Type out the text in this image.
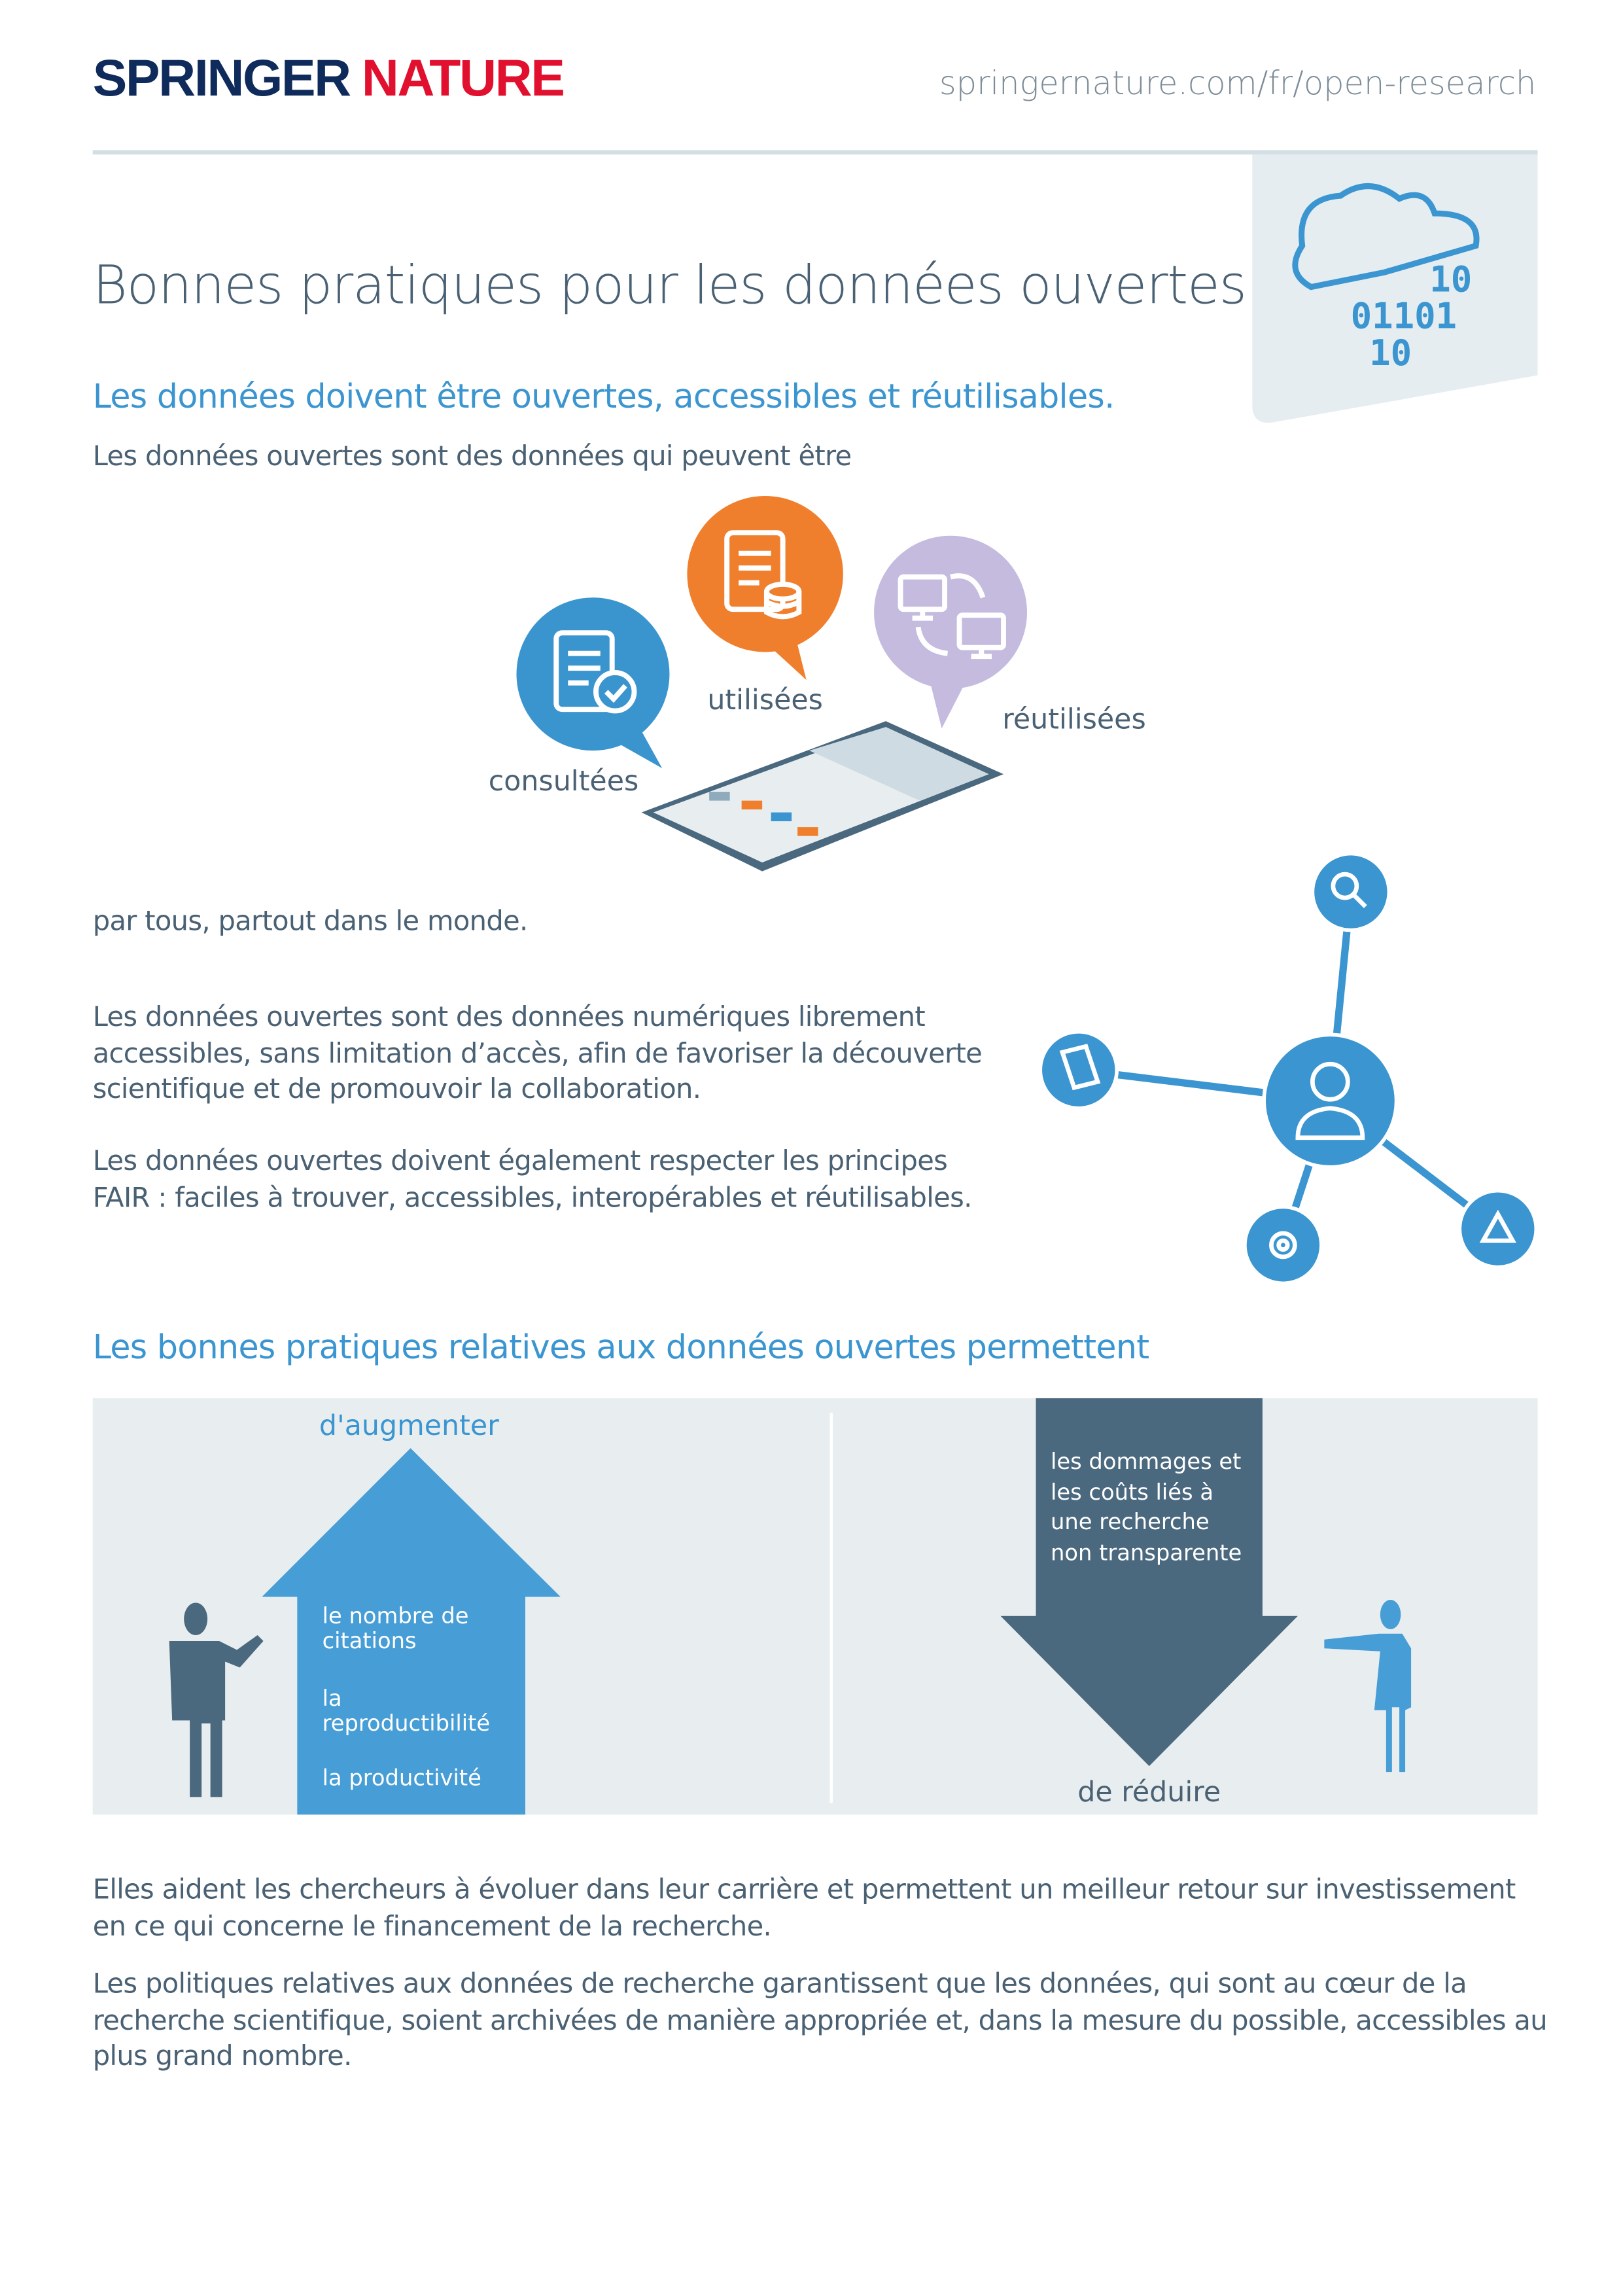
SPRINGER NATURE	springernature.com/fr/open-research
10
01101
10
Bonnes pratiques pour les données ouvertes
Les données doivent être ouvertes, accessibles et réutilisables.
Les données ouvertes sont des données qui peuvent être
consultées
utilisées
réutilisées
par tous, partout dans le monde.
Les données ouvertes sont des données numériques librement accessibles, sans limitation d’accès, afin de favoriser la découverte scientifique et de promouvoir la collaboration.
Les données ouvertes doivent également respecter les principes FAIR : faciles à trouver, accessibles, interopérables et réutilisables.
Les bonnes pratiques relatives aux données ouvertes permettent
d'augmenter
le nombre de citations
la reproductibilité
la productivité
les dommages et les coûts liés à une recherche non transparente
de réduire
Elles aident les chercheurs à évoluer dans leur carrière et permettent un meilleur retour sur investissement en ce qui concerne le financement de la recherche.
Les politiques relatives aux données de recherche garantissent que les données, qui sont au cœur de la recherche scientifique, soient archivées de manière appropriée et, dans la mesure du possible, accessibles au plus grand nombre.
